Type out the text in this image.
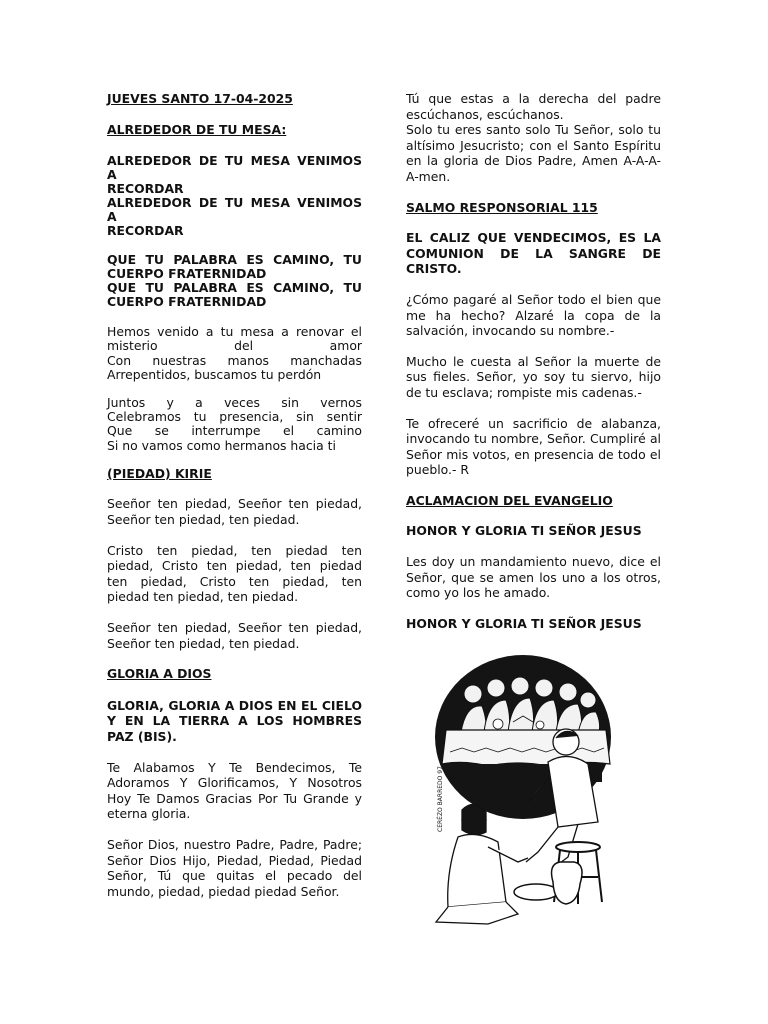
JUEVES SANTO 17-04-2025

ALREDEDOR DE TU MESA:

ALREDEDOR DE TU MESA VENIMOS A

RECORDAR

ALREDEDOR DE TU MESA VENIMOS A

RECORDAR

QUE TU PALABRA ES CAMINO, TU

CUERPO FRATERNIDAD

QUE TU PALABRA ES CAMINO, TU

CUERPO FRATERNIDAD

Hemos venido a tu mesa a renovar el

misterio del amor

Con nuestras manos manchadas

Arrepentidos, buscamos tu perdón

Juntos y a veces sin vernos

Celebramos tu presencia, sin sentir

Que se interrumpe el camino

Si no vamos como hermanos hacia ti

(PIEDAD) KIRIE

Seeñor ten piedad, Seeñor ten piedad, Seeñor ten piedad, ten piedad.

Cristo ten piedad, ten piedad ten piedad, Cristo ten piedad, ten piedad ten piedad, Cristo ten piedad, ten piedad ten piedad, ten piedad.

Seeñor ten piedad, Seeñor ten piedad, Seeñor ten piedad, ten piedad.

GLORIA A DIOS

GLORIA, GLORIA A DIOS EN EL CIELO Y EN LA TIERRA A LOS HOMBRES PAZ (BIS).

Te Alabamos Y Te Bendecimos, Te Adoramos Y Glorificamos, Y Nosotros Hoy Te Damos Gracias Por Tu Grande y eterna gloria.

Señor Dios, nuestro Padre, Padre, Padre; Señor Dios Hijo, Piedad, Piedad, Piedad Señor, Tú que quitas el pecado del mundo, piedad, piedad piedad Señor.

Tú que estas a la derecha del padre escúchanos, escúchanos.

Solo tu eres santo solo Tu Señor, solo tu altísimo Jesucristo; con el Santo Espíritu en la gloria de Dios Padre, Amen A-A-A-A-men.

SALMO RESPONSORIAL 115

EL CALIZ QUE VENDECIMOS, ES LA COMUNION DE LA SANGRE DE CRISTO.

¿Cómo pagaré al Señor todo el bien que me ha hecho? Alzaré la copa de la salvación, invocando su nombre.-

Mucho le cuesta al Señor la muerte de sus fieles. Señor, yo soy tu siervo, hijo de tu esclava; rompiste mis cadenas.-

Te ofreceré un sacrificio de alabanza, invocando tu nombre, Señor. Cumpliré al Señor mis votos, en presencia de todo el pueblo.- R

ACLAMACION DEL EVANGELIO

HONOR Y GLORIA TI SEÑOR JESUS

Les doy un mandamiento nuevo, dice el Señor, que se amen los uno a los otros, como yo los he amado.

HONOR Y GLORIA TI SEÑOR JESUS

CERÉZO BARREDO 97
